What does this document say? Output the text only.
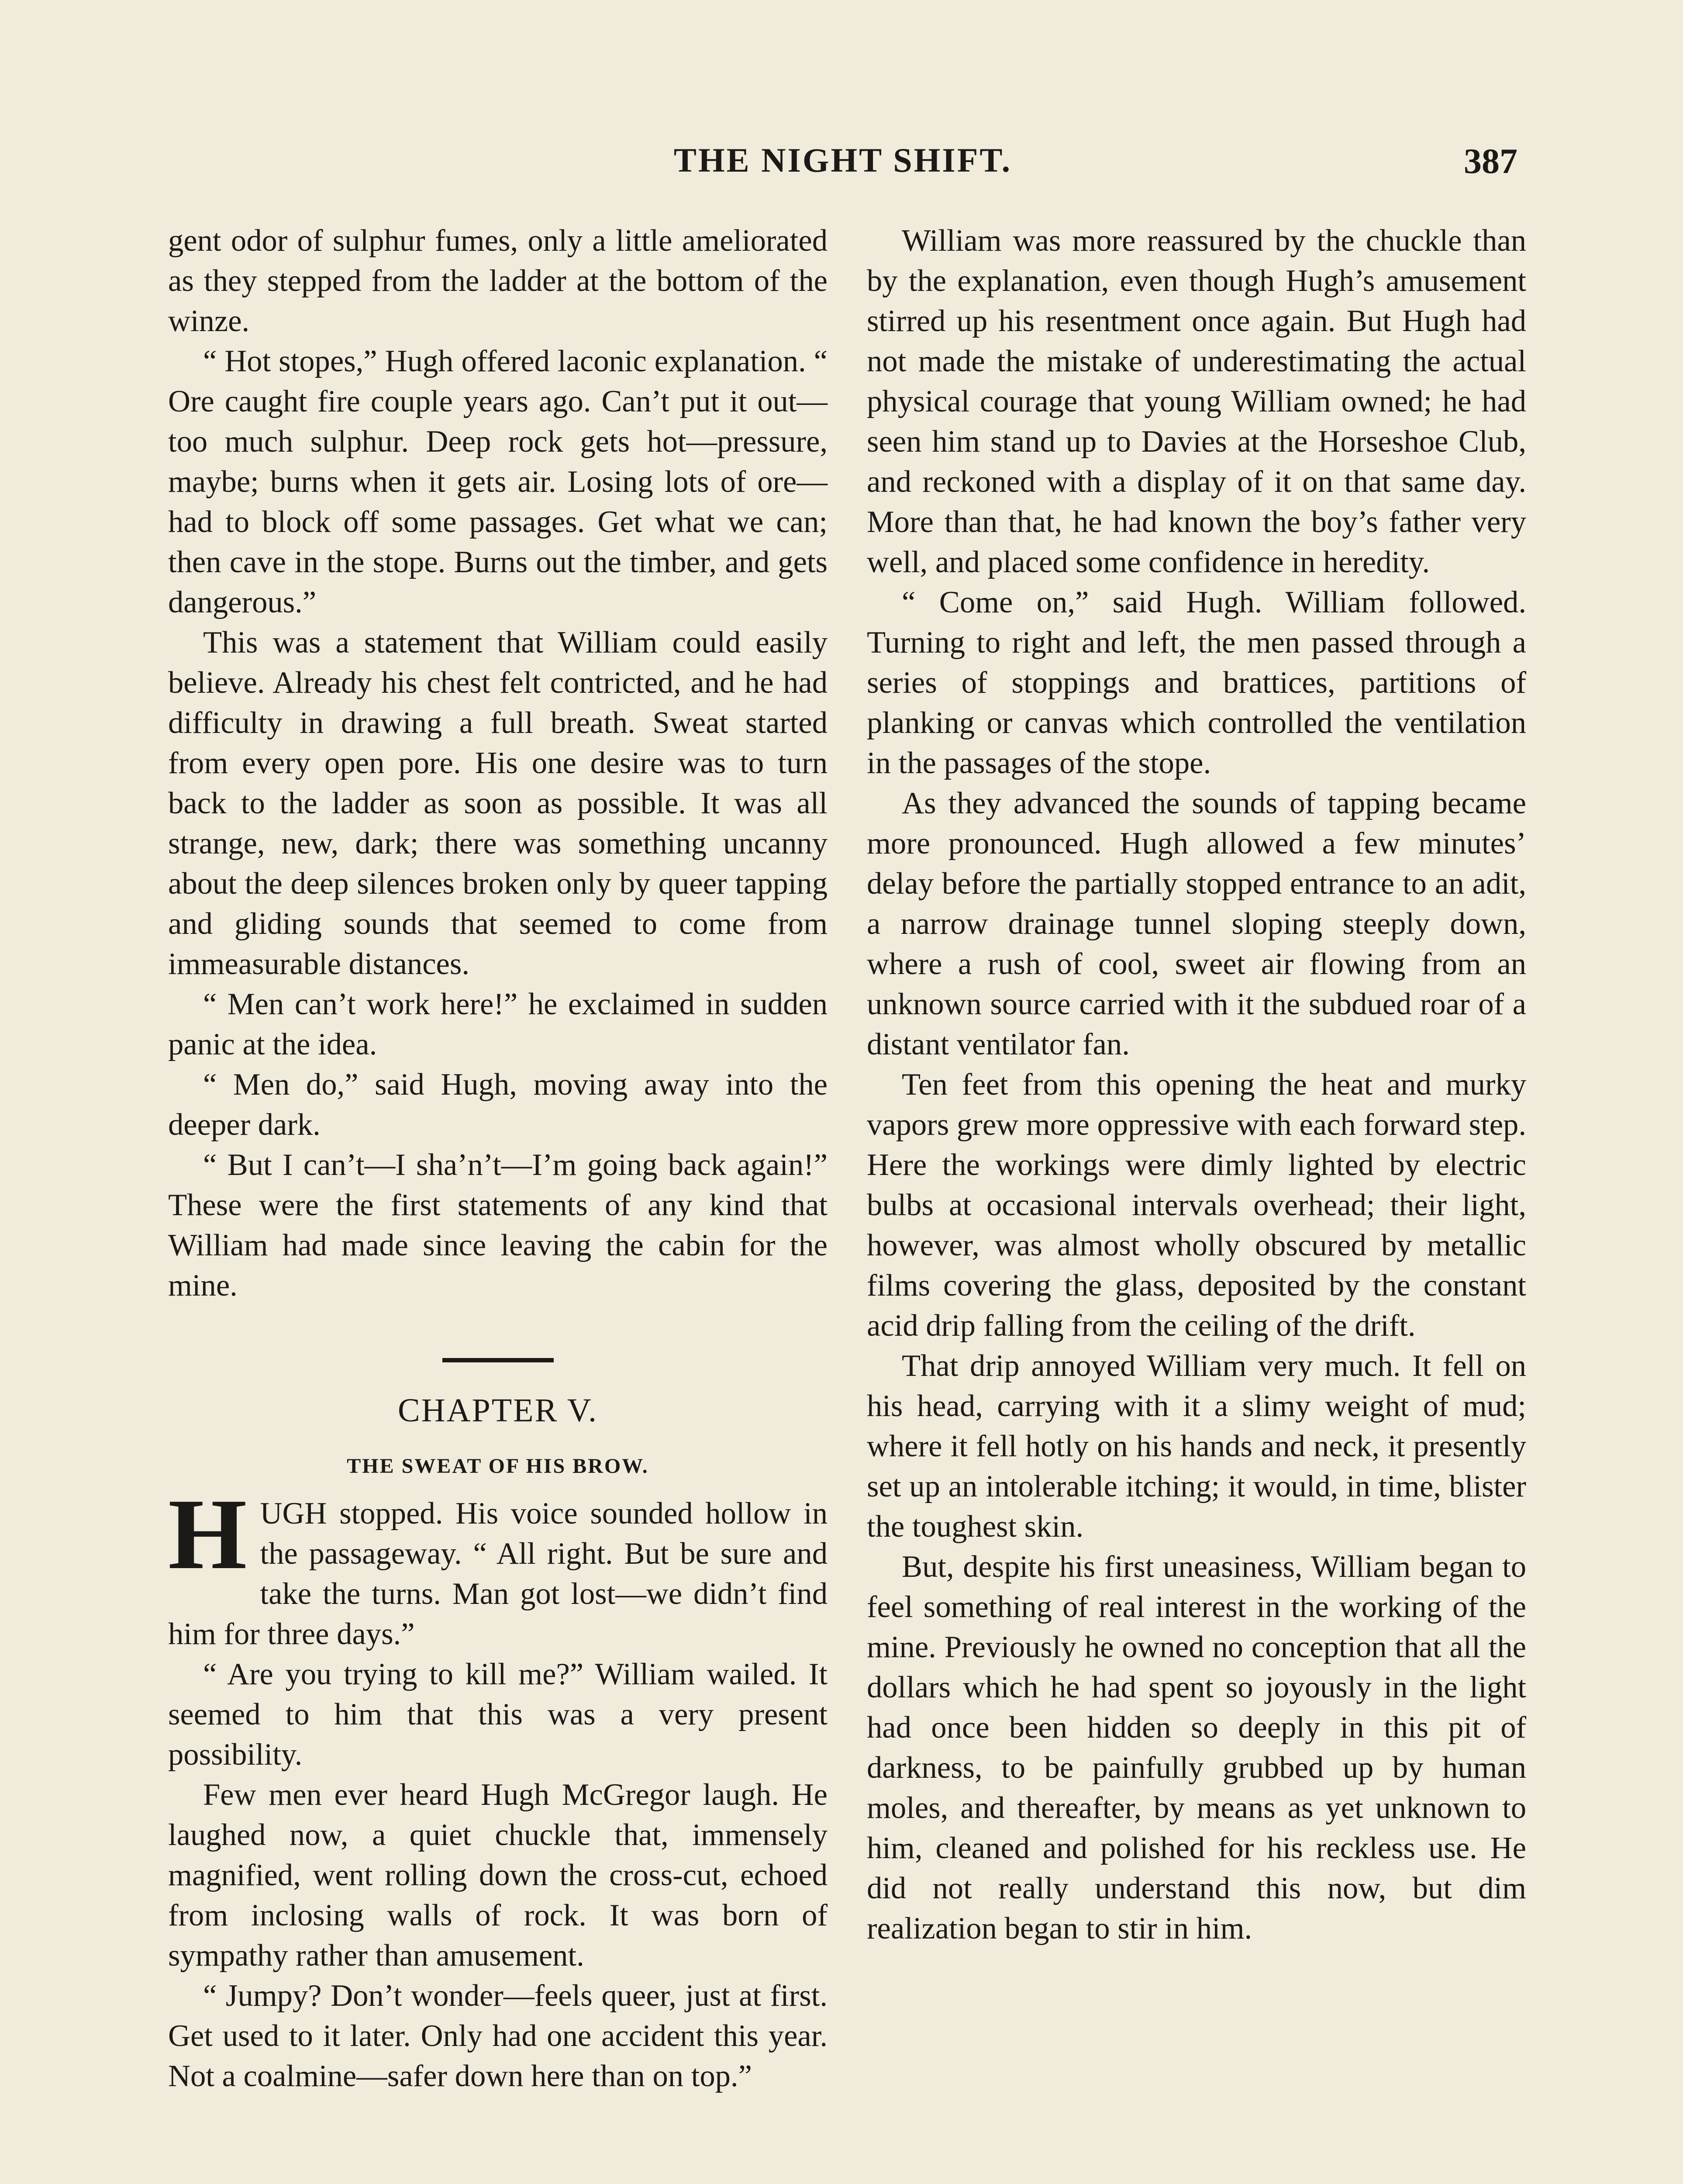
THE NIGHT SHIFT.	387

gent odor of sulphur fumes, only a little ameliorated as they stepped from the ladder at the bottom of the winze.

“ Hot stopes,” Hugh offered laconic explanation. “ Ore caught fire couple years ago. Can’t put it out—too much sulphur. Deep rock gets hot—pressure, maybe; burns when it gets air. Losing lots of ore—had to block off some passages. Get what we can; then cave in the stope. Burns out the timber, and gets dangerous.”

This was a statement that William could easily believe. Already his chest felt contricted, and he had difficulty in drawing a full breath. Sweat started from every open pore. His one desire was to turn back to the ladder as soon as possible. It was all strange, new, dark; there was something uncanny about the deep silences broken only by queer tapping and gliding sounds that seemed to come from immeasurable distances.

“ Men can’t work here!” he exclaimed in sudden panic at the idea.

“ Men do,” said Hugh, moving away into the deeper dark.

“ But I can’t—I sha’n’t—I’m going back again!” These were the first statements of any kind that William had made since leaving the cabin for the mine.

CHAPTER V.
THE SWEAT OF HIS BROW.

HUGH stopped. His voice sounded hollow in the passageway. “ All right. But be sure and take the turns. Man got lost—we didn’t find him for three days.”

“ Are you trying to kill me?” William wailed. It seemed to him that this was a very present possibility.

Few men ever heard Hugh McGregor laugh. He laughed now, a quiet chuckle that, immensely magnified, went rolling down the cross-cut, echoed from inclosing walls of rock. It was born of sympathy rather than amusement.

“ Jumpy? Don’t wonder—feels queer, just at first. Get used to it later. Only had one accident this year. Not a coalmine—safer down here than on top.”

William was more reassured by the chuckle than by the explanation, even though Hugh’s amusement stirred up his resentment once again. But Hugh had not made the mistake of underestimating the actual physical courage that young William owned; he had seen him stand up to Davies at the Horseshoe Club, and reckoned with a display of it on that same day. More than that, he had known the boy’s father very well, and placed some confidence in heredity.

“ Come on,” said Hugh. William followed. Turning to right and left, the men passed through a series of stoppings and brattices, partitions of planking or canvas which controlled the ventilation in the passages of the stope.

As they advanced the sounds of tapping became more pronounced. Hugh allowed a few minutes’ delay before the partially stopped entrance to an adit, a narrow drainage tunnel sloping steeply down, where a rush of cool, sweet air flowing from an unknown source carried with it the subdued roar of a distant ventilator fan.

Ten feet from this opening the heat and murky vapors grew more oppressive with each forward step. Here the workings were dimly lighted by electric bulbs at occasional intervals overhead; their light, however, was almost wholly obscured by metallic films covering the glass, deposited by the constant acid drip falling from the ceiling of the drift.

That drip annoyed William very much. It fell on his head, carrying with it a slimy weight of mud; where it fell hotly on his hands and neck, it presently set up an intolerable itching; it would, in time, blister the toughest skin.

But, despite his first uneasiness, William began to feel something of real interest in the working of the mine. Previously he owned no conception that all the dollars which he had spent so joyously in the light had once been hidden so deeply in this pit of darkness, to be painfully grubbed up by human moles, and thereafter, by means as yet unknown to him, cleaned and polished for his reckless use. He did not really understand this now, but dim realization began to stir in him.
